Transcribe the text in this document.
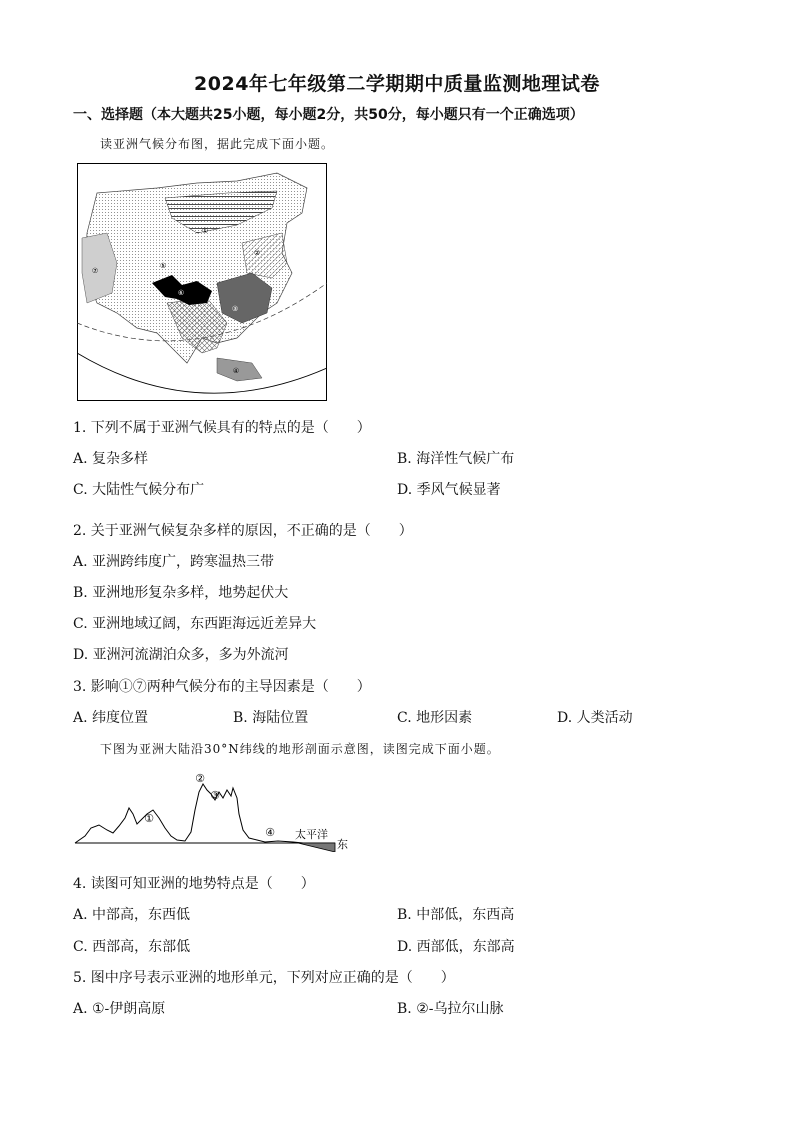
2024年七年级第二学期期中质量监测地理试卷
一、选择题（本大题共25小题，每小题2分，共50分，每小题只有一个正确选项）
读亚洲气候分布图，据此完成下面小题。
①
②
③
④
⑤
⑥
⑦
1. 下列不属于亚洲气候具有的特点的是（　　）
A. 复杂多样	B. 海洋性气候广布
C. 大陆性气候分布广	D. 季风气候显著
2. 关于亚洲气候复杂多样的原因，不正确的是（　　）
A. 亚洲跨纬度广，跨寒温热三带
B. 亚洲地形复杂多样，地势起伏大
C. 亚洲地域辽阔，东西距海远近差异大
D. 亚洲河流湖泊众多，多为外流河
3. 影响①⑦两种气候分布的主导因素是（　　）
A. 纬度位置	B. 海陆位置	C. 地形因素	D. 人类活动
下图为亚洲大陆沿30°N纬线的地形剖面示意图，读图完成下面小题。
①
②
③
④ 太平洋
东
4. 读图可知亚洲的地势特点是（　　）
A. 中部高，东西低	B. 中部低，东西高
C. 西部高，东部低	D. 西部低，东部高
5. 图中序号表示亚洲的地形单元，下列对应正确的是（　　）
A. ①-伊朗高原	B. ②-乌拉尔山脉
